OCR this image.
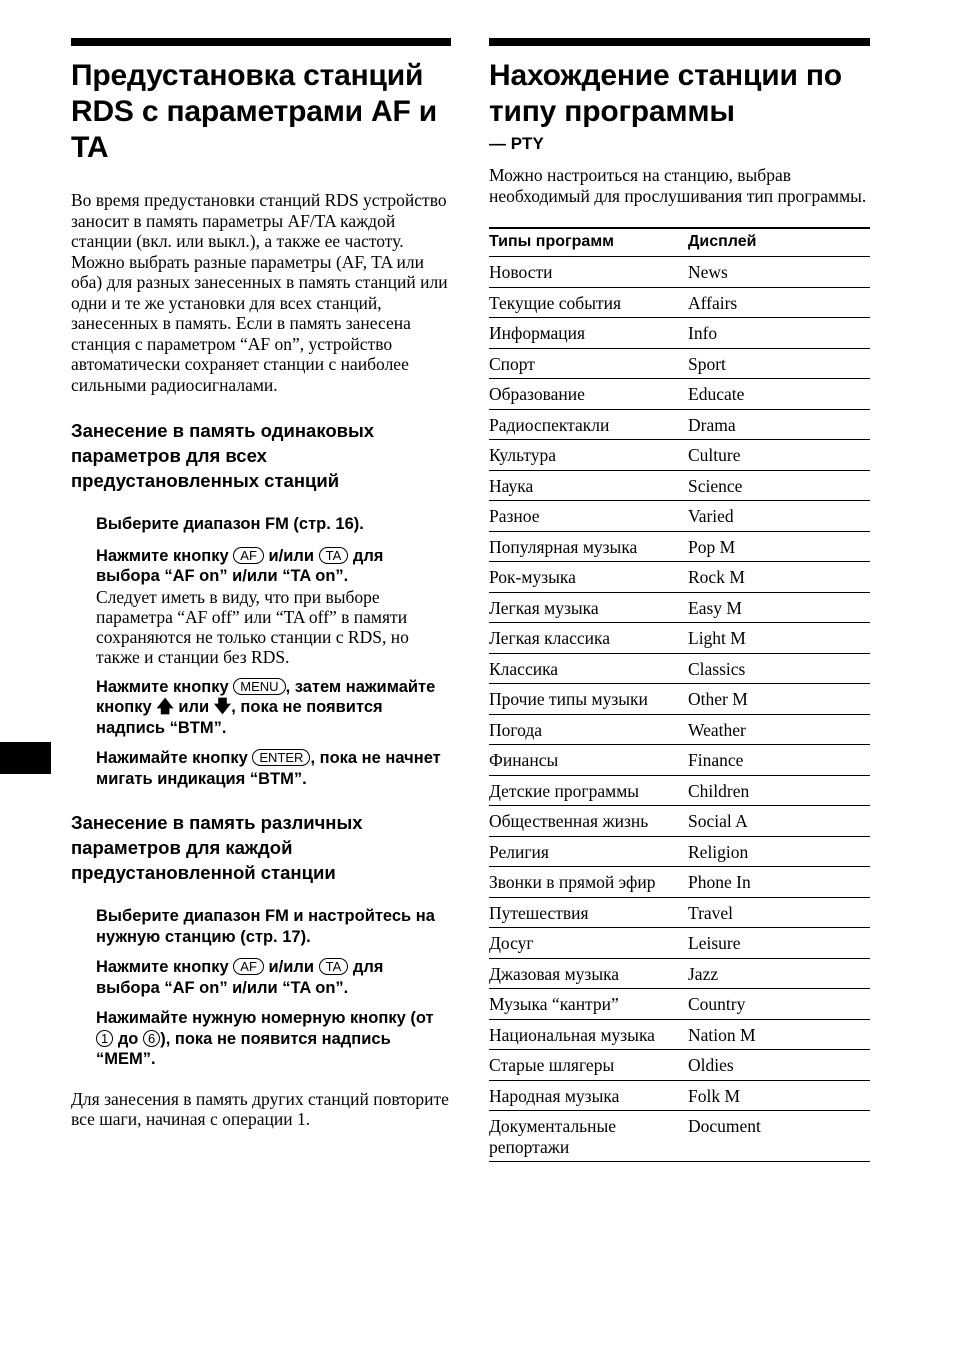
Предустановка станций RDS с параметрами AF и TA

Во время предустановки станций RDS устройство заносит в память параметры AF/TA каждой станции (вкл. или выкл.), а также ее частоту. Можно выбрать разные параметры (AF, TA или оба) для разных занесенных в память станций или одни и те же установки для всех станций, занесенных в память. Если в память занесена станция с параметром “AF on”, устройство автоматически сохраняет станции с наиболее сильными радиосигналами.

Занесение в память одинаковых параметров для всех предустановленных станций
Выберите диапазон FM (стр. 16).
Нажмите кнопку AF и/или TA для выбора “AF on” и/или “TA on”.
Следует иметь в виду, что при выборе параметра “AF off” или “TA off” в памяти сохраняются не только станции с RDS, но также и станции без RDS.
Нажмите кнопку MENU , затем нажимайте кнопку 🡅 или 🡇, пока не появится надпись “BTM”.
Нажимайте кнопку ENTER , пока не начнет мигать индикация “BTM”.
Занесение в память различных параметров для каждой предустановленной станции
Выберите диапазон FM и настройтесь на нужную станцию (стр. 17).
Нажмите кнопку AF и/или TA для выбора “AF on” и/или “TA on”.
Нажимайте нужную номерную кнопку (от 1 до 6 ), пока не появится надпись “MEM”.

Для занесения в память других станций повторите все шаги, начиная с операции 1.

Нахождение станции по типу программы
— PTY

Можно настроиться на станцию, выбрав необходимый для прослушивания тип программы.

Типы программ	Дисплей
Новости	News
Текущие события	Affairs
Информация	Info
Спорт	Sport
Образование	Educate
Радиоспектакли	Drama
Культура	Culture
Наука	Science
Разное	Varied
Популярная музыка	Pop M
Рок-музыка	Rock M
Легкая музыка	Easy M
Легкая классика	Light M
Классика	Classics
Прочие типы музыки	Other M
Погода	Weather
Финансы	Finance
Детские программы	Children
Общественная жизнь	Social A
Религия	Religion
Звонки в прямой эфир	Phone In
Путешествия	Travel
Досуг	Leisure
Джазовая музыка	Jazz
Музыка “кантри”	Country
Национальная музыка	Nation M
Старые шлягеры	Oldies
Народная музыка	Folk M
Документальные репортажи	Document
